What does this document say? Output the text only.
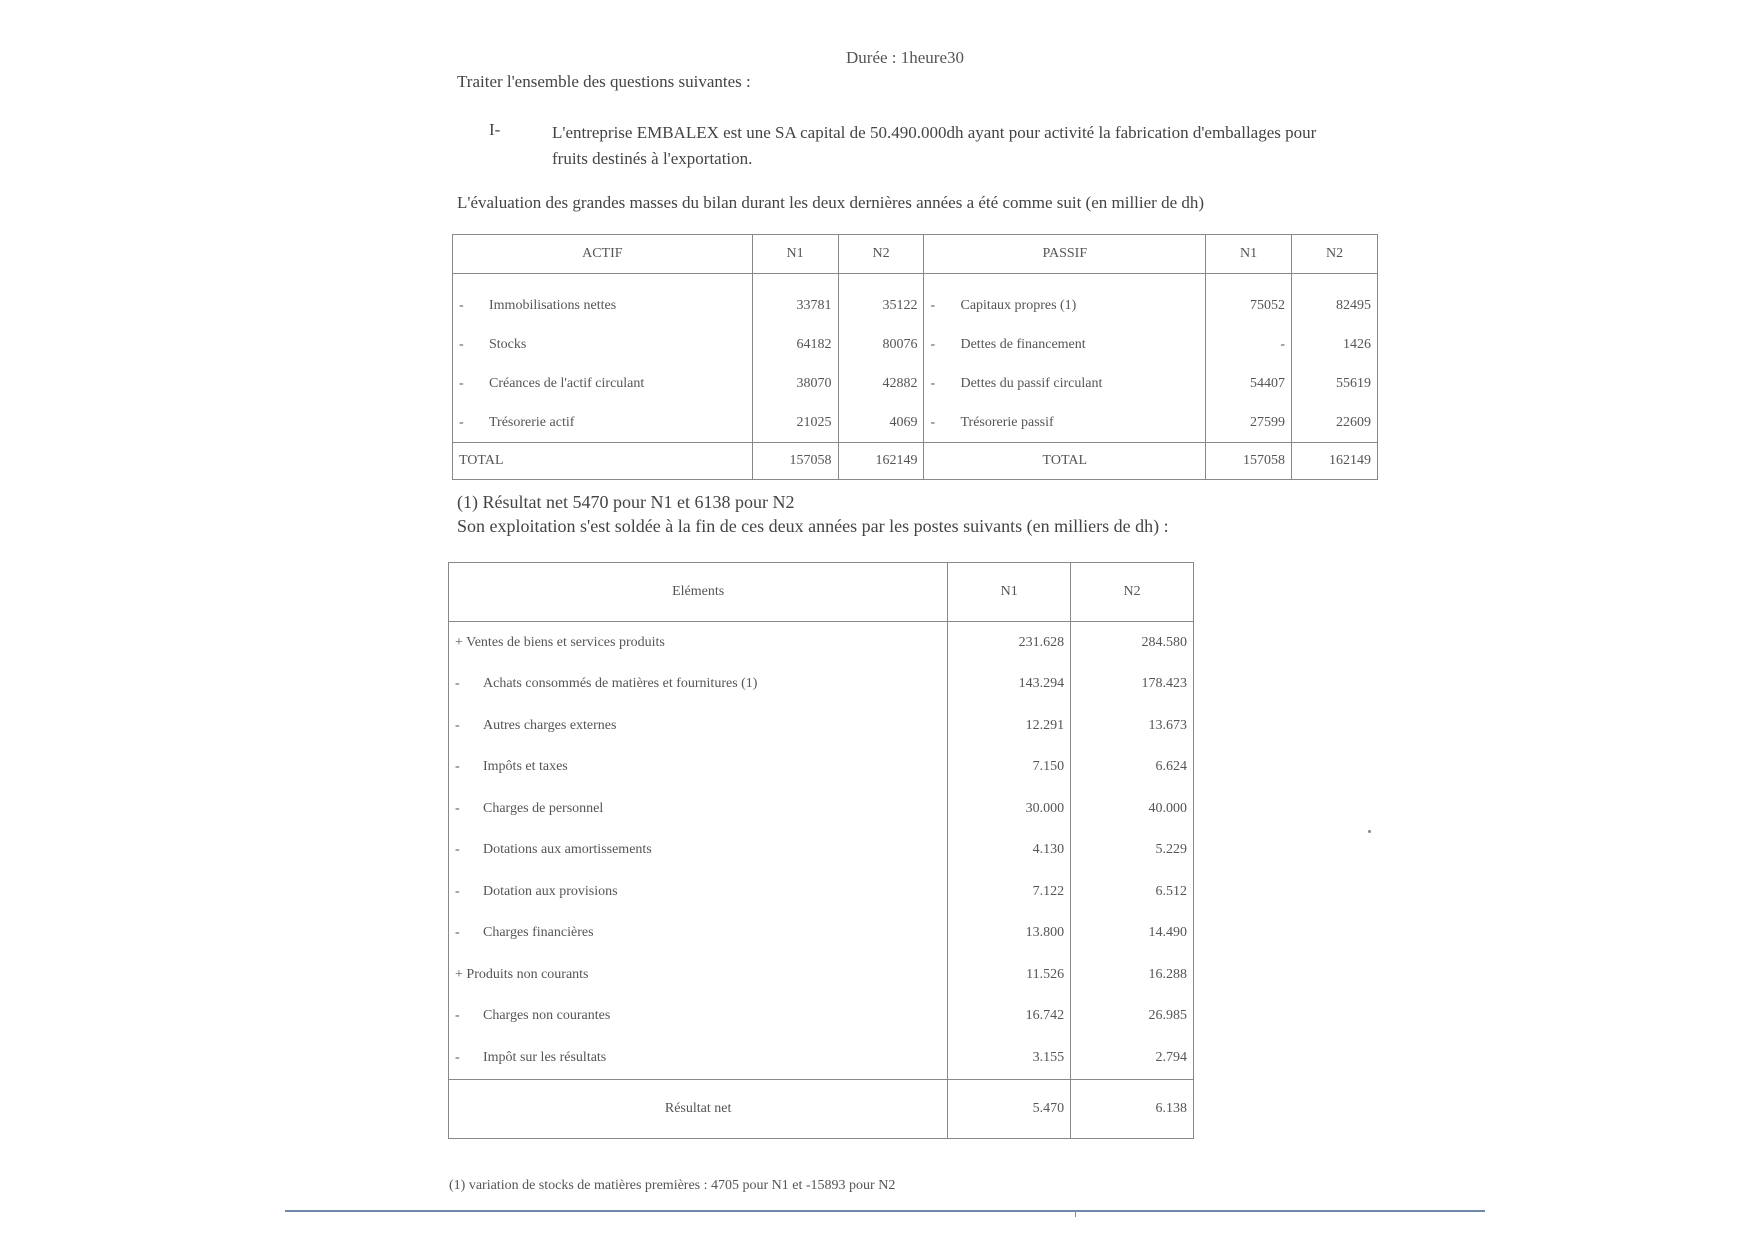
Durée : 1heure30
Traiter l'ensemble des questions suivantes :
I-	L'entreprise EMBALEX est une SA capital de 50.490.000dh ayant pour activité la fabrication d'emballages pour fruits destinés à l'exportation.
L'évaluation des grandes masses du bilan durant les deux dernières années a été comme suit (en millier de dh)
ACTIF	N1	N2	PASSIF	N1	N2
- Immobilisations nettes	33781	35122	- Capitaux propres (1)	75052	82495
- Stocks	64182	80076	- Dettes de financement	-	1426
- Créances de l'actif circulant	38070	42882	- Dettes du passif circulant	54407	55619
- Trésorerie actif	21025	4069	- Trésorerie passif	27599	22609
TOTAL	157058	162149	TOTAL	157058	162149
(1) Résultat net 5470 pour N1 et 6138 pour N2
Son exploitation s'est soldée à la fin de ces deux années par les postes suivants (en milliers de dh) :
Eléments	N1	N2
+ Ventes de biens et services produits	231.628	284.580
- Achats consommés de matières et fournitures (1)	143.294	178.423
- Autres charges externes	12.291	13.673
- Impôts et taxes	7.150	6.624
- Charges de personnel	30.000	40.000
- Dotations aux amortissements	4.130	5.229
- Dotation aux provisions	7.122	6.512
- Charges financières	13.800	14.490
+ Produits non courants	11.526	16.288
- Charges non courantes	16.742	26.985
- Impôt sur les résultats	3.155	2.794
Résultat net	5.470	6.138
(1) variation de stocks de matières premières : 4705 pour N1 et -15893 pour N2
